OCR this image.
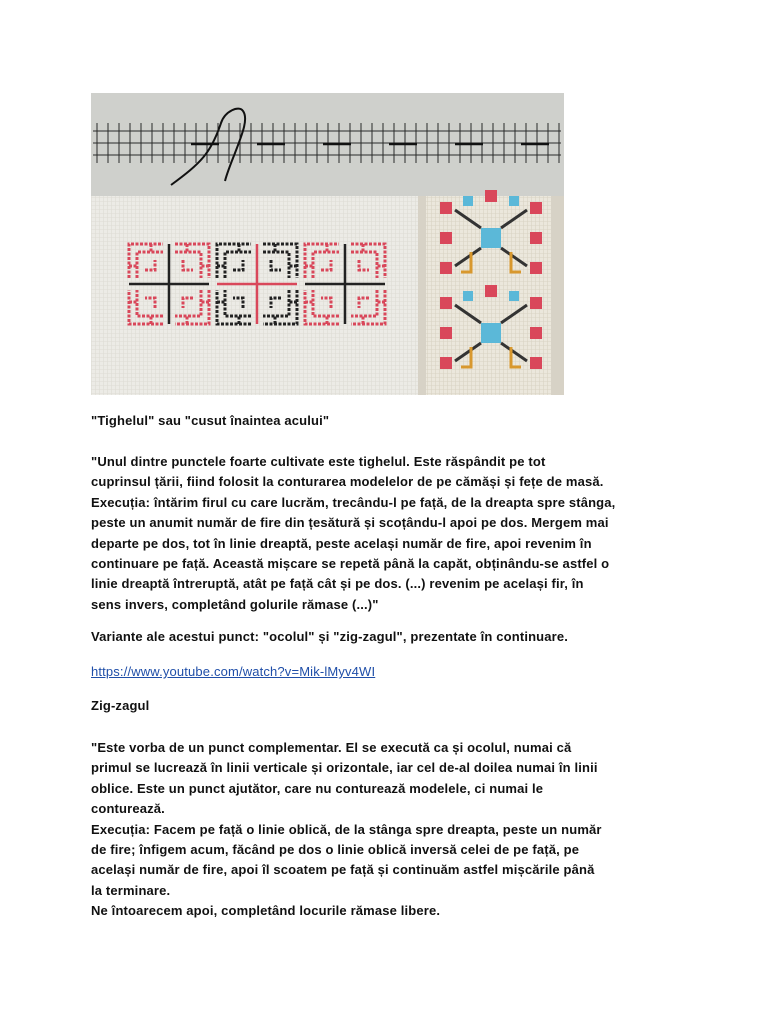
"Tighelul" sau "cusut înaintea acului"

"Unul dintre punctele foarte cultivate este tighelul. Este răspândit pe tot
cuprinsul țării, fiind folosit la conturarea modelelor de pe cămăși și fețe de masă.
Execuția: întărim firul cu care lucrăm, trecându-l pe față, de la dreapta spre stânga,
peste un anumit număr de fire din țesătură și scoțându-l apoi pe dos. Mergem mai
departe pe dos, tot în linie dreaptă, peste același număr de fire, apoi revenim în
continuare pe față. Această mișcare se repetă până la capăt, obținându-se astfel o
linie dreaptă întreruptă, atât pe față cât și pe dos. (...) revenim pe același fir, în
sens invers, completând golurile rămase (...)"

Variante ale acestui punct: "ocolul" și "zig-zagul", prezentate în continuare.

https://www.youtube.com/watch?v=Mik-lMyv4WI

Zig-zagul

"Este vorba de un punct complementar. El se execută ca și ocolul, numai că
primul se lucrează în linii verticale și orizontale, iar cel de-al doilea numai în linii
oblice. Este un punct ajutător, care nu conturează modelele, ci numai le
conturează.
Execuția: Facem pe față o linie oblică, de la stânga spre dreapta, peste un număr
de fire; înfigem acum, făcând pe dos o linie oblică inversă celei de pe față, pe
același număr de fire, apoi îl scoatem pe față și continuăm astfel mișcările până
la terminare.
Ne întoarecem apoi, completând locurile rămase libere.
